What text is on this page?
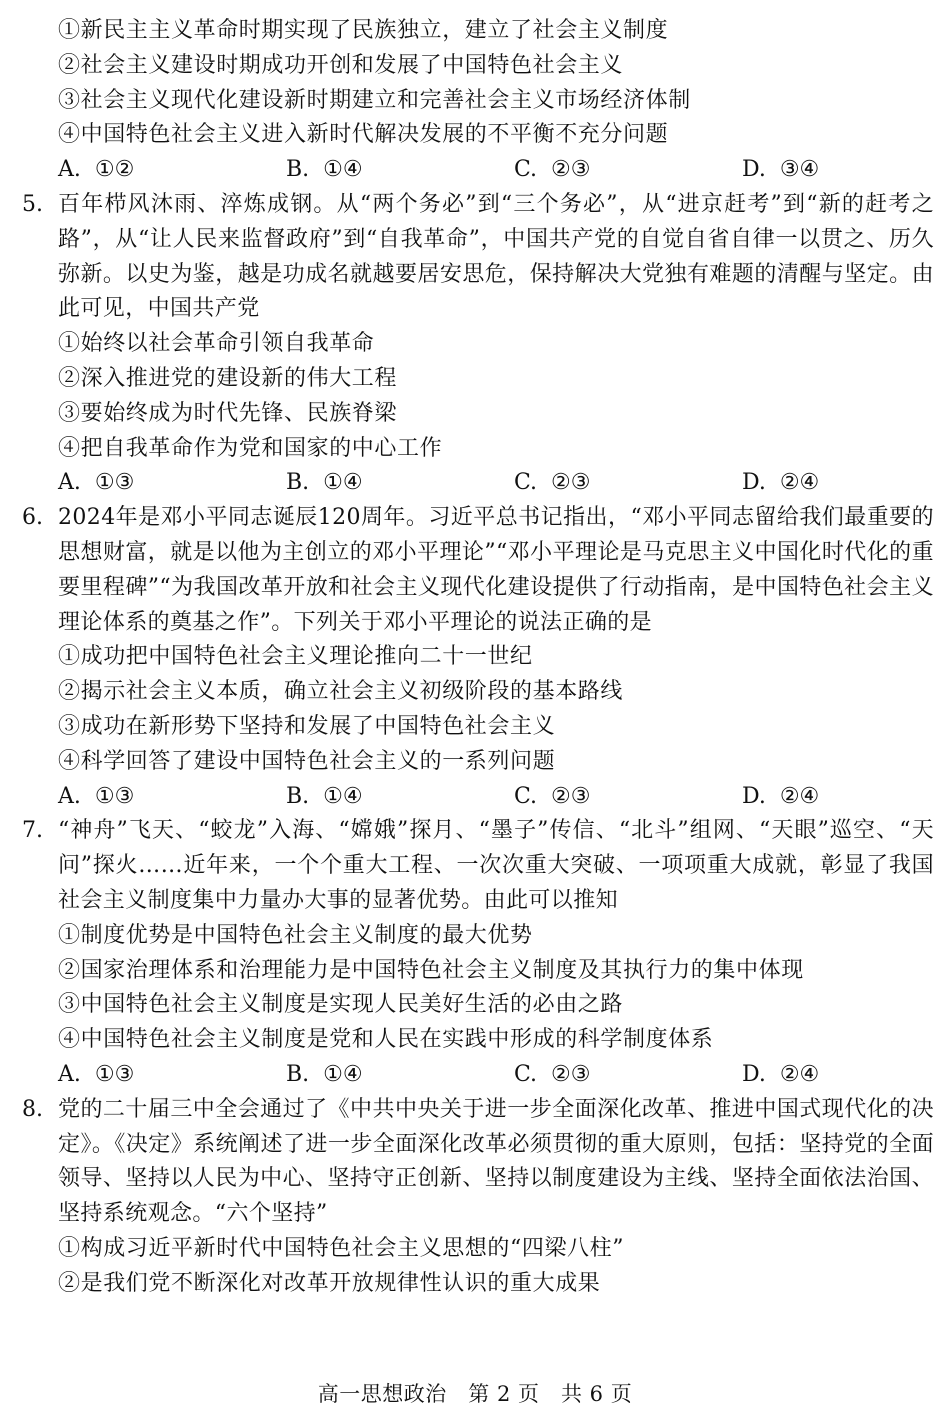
①新民主主义革命时期实现了民族独立，建立了社会主义制度
②社会主义建设时期成功开创和发展了中国特色社会主义
③社会主义现代化建设新时期建立和完善社会主义市场经济体制
④中国特色社会主义进入新时代解决发展的不平衡不充分问题
A.  ①②	B.  ①④	C.  ②③	D.  ③④
5. 百年栉风沐雨、淬炼成钢。从“两个务必”到“三个务必”，从“进京赶考”到“新的赶考之路”，从“让人民来监督政府”到“自我革命”，中国共产党的自觉自省自律一以贯之、历久弥新。以史为鉴，越是功成名就越要居安思危，保持解决大党独有难题的清醒与坚定。由此可见，中国共产党
①始终以社会革命引领自我革命
②深入推进党的建设新的伟大工程
③要始终成为时代先锋、民族脊梁
④把自我革命作为党和国家的中心工作
A.  ①③	B.  ①④	C.  ②③	D.  ②④
6. 2024年是邓小平同志诞辰120周年。习近平总书记指出，“邓小平同志留给我们最重要的思想财富，就是以他为主创立的邓小平理论”“邓小平理论是马克思主义中国化时代化的重要里程碑”“为我国改革开放和社会主义现代化建设提供了行动指南，是中国特色社会主义理论体系的奠基之作”。下列关于邓小平理论的说法正确的是
①成功把中国特色社会主义理论推向二十一世纪
②揭示社会主义本质，确立社会主义初级阶段的基本路线
③成功在新形势下坚持和发展了中国特色社会主义
④科学回答了建设中国特色社会主义的一系列问题
A.  ①③	B.  ①④	C.  ②③	D.  ②④
7. “神舟”飞天、“蛟龙”入海、“嫦娥”探月、“墨子”传信、“北斗”组网、“天眼”巡空、“天问”探火……近年来，一个个重大工程、一次次重大突破、一项项重大成就，彰显了我国社会主义制度集中力量办大事的显著优势。由此可以推知
①制度优势是中国特色社会主义制度的最大优势
②国家治理体系和治理能力是中国特色社会主义制度及其执行力的集中体现
③中国特色社会主义制度是实现人民美好生活的必由之路
④中国特色社会主义制度是党和人民在实践中形成的科学制度体系
A.  ①③	B.  ①④	C.  ②③	D.  ②④
8. 党的二十届三中全会通过了《中共中央关于进一步全面深化改革、推进中国式现代化的决定》。《决定》系统阐述了进一步全面深化改革必须贯彻的重大原则，包括：坚持党的全面领导、坚持以人民为中心、坚持守正创新、坚持以制度建设为主线、坚持全面依法治国、坚持系统观念。“六个坚持”
①构成习近平新时代中国特色社会主义思想的“四梁八柱”
②是我们党不断深化对改革开放规律性认识的重大成果
高一思想政治　第 2 页　共 6 页
